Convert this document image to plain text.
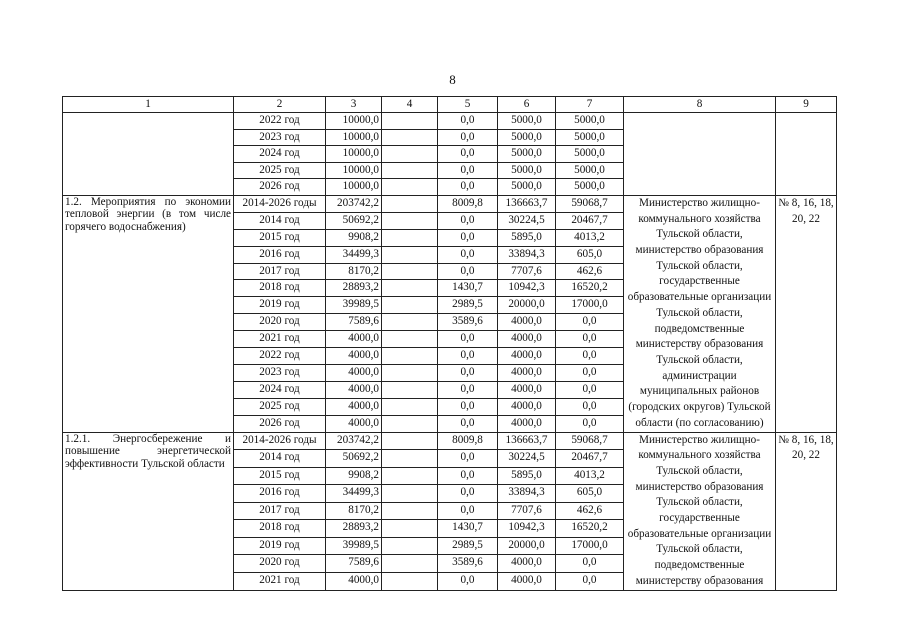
8
1	2	3	4	5	6	7	8	9
	2022 год	10000,0		0,0	5000,0	5000,0		
	2023 год	10000,0		0,0	5000,0	5000,0		
	2024 год	10000,0		0,0	5000,0	5000,0		
	2025 год	10000,0		0,0	5000,0	5000,0		
	2026 год	10000,0		0,0	5000,0	5000,0		
1.2. Мероприятия по экономии тепловой энергии (в том числе горячего водоснабжения)	2014-2026 годы	203742,2		8009,8	136663,7	59068,7	Министерство жилищно-коммунального хозяйства Тульской области, министерство образования Тульской области, государственные образовательные организации Тульской области, подведомственные министерству образования Тульской области, администрации муниципальных районов (городских округов) Тульской области (по согласованию)	№ 8, 16, 18, 20, 22
	2014 год	50692,2		0,0	30224,5	20467,7		
	2015 год	9908,2		0,0	5895,0	4013,2		
	2016 год	34499,3		0,0	33894,3	605,0		
	2017 год	8170,2		0,0	7707,6	462,6		
	2018 год	28893,2		1430,7	10942,3	16520,2		
	2019 год	39989,5		2989,5	20000,0	17000,0		
	2020 год	7589,6		3589,6	4000,0	0,0		
	2021 год	4000,0		0,0	4000,0	0,0		
	2022 год	4000,0		0,0	4000,0	0,0		
	2023 год	4000,0		0,0	4000,0	0,0		
	2024 год	4000,0		0,0	4000,0	0,0		
	2025 год	4000,0		0,0	4000,0	0,0		
	2026 год	4000,0		0,0	4000,0	0,0		
1.2.1. Энергосбережение и повышение энергетической эффективности Тульской области	2014-2026 годы	203742,2		8009,8	136663,7	59068,7	Министерство жилищно-коммунального хозяйства Тульской области, министерство образования Тульской области, государственные образовательные организации Тульской области, подведомственные министерству образования	№ 8, 16, 18, 20, 22
	2014 год	50692,2		0,0	30224,5	20467,7		
	2015 год	9908,2		0,0	5895,0	4013,2		
	2016 год	34499,3		0,0	33894,3	605,0		
	2017 год	8170,2		0,0	7707,6	462,6		
	2018 год	28893,2		1430,7	10942,3	16520,2		
	2019 год	39989,5		2989,5	20000,0	17000,0		
	2020 год	7589,6		3589,6	4000,0	0,0		
	2021 год	4000,0		0,0	4000,0	0,0		
